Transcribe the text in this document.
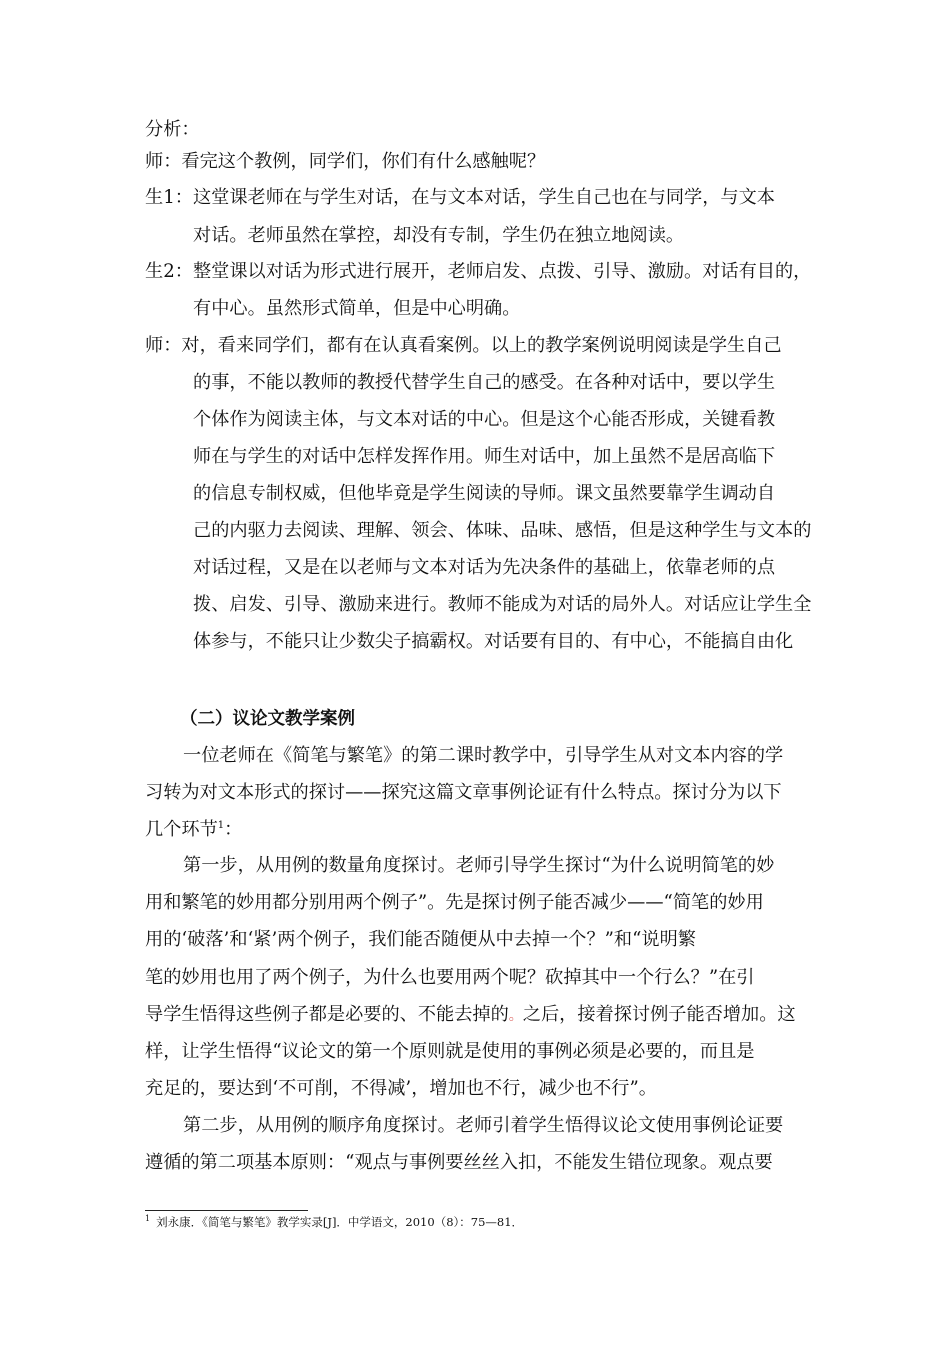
分析：
师：看完这个教例，同学们，你们有什么感触呢？
生1：这堂课老师在与学生对话，在与文本对话，学生自己也在与同学，与文本
对话。老师虽然在掌控，却没有专制，学生仍在独立地阅读。
生2：整堂课以对话为形式进行展开，老师启发、点拨、引导、激励。对话有目的，
有中心。虽然形式简单，但是中心明确。
师：对，看来同学们，都有在认真看案例。以上的教学案例说明阅读是学生自己
的事，不能以教师的教授代替学生自己的感受。在各种对话中，要以学生
个体作为阅读主体，与文本对话的中心。但是这个心能否形成，关键看教
师在与学生的对话中怎样发挥作用。师生对话中，加上虽然不是居高临下
的信息专制权威，但他毕竟是学生阅读的导师。课文虽然要靠学生调动自
己的内驱力去阅读、理解、领会、体味、品味、感悟，但是这种学生与文本的
对话过程，又是在以老师与文本对话为先决条件的基础上，依靠老师的点
拨、启发、引导、激励来进行。教师不能成为对话的局外人。对话应让学生全
体参与，不能只让少数尖子搞霸权。对话要有目的、有中心，不能搞自由化
（二）议论文教学案例
一位老师在《简笔与繁笔》的第二课时教学中，引导学生从对文本内容的学
习转为对文本形式的探讨——探究这篇文章事例论证有什么特点。探讨分为以下
几个环节$^1$：
第一步，从用例的数量角度探讨。老师引导学生探讨“为什么说明简笔的妙
用和繁笔的妙用都分别用两个例子”。先是探讨例子能否减少——“简笔的妙用
用的‘破落’和‘紧’两个例子，我们能否随便从中去掉一个？”和“说明繁
笔的妙用也用了两个例子，为什么也要用两个呢？砍掉其中一个行么？”在引
导学生悟得这些例子都是必要的、不能去掉的。之后，接着探讨例子能否增加。这
样，让学生悟得“议论文的第一个原则就是使用的事例必须是必要的，而且是
充足的，要达到‘不可削，不得减’，增加也不行，减少也不行”。
第二步，从用例的顺序角度探讨。老师引着学生悟得议论文使用事例论证要
遵循的第二项基本原则：“观点与事例要丝丝入扣，不能发生错位现象。观点要
$^1$ 刘永康．《简笔与繁笔》教学实录[J]．中学语文，2010（8）：75—81．
